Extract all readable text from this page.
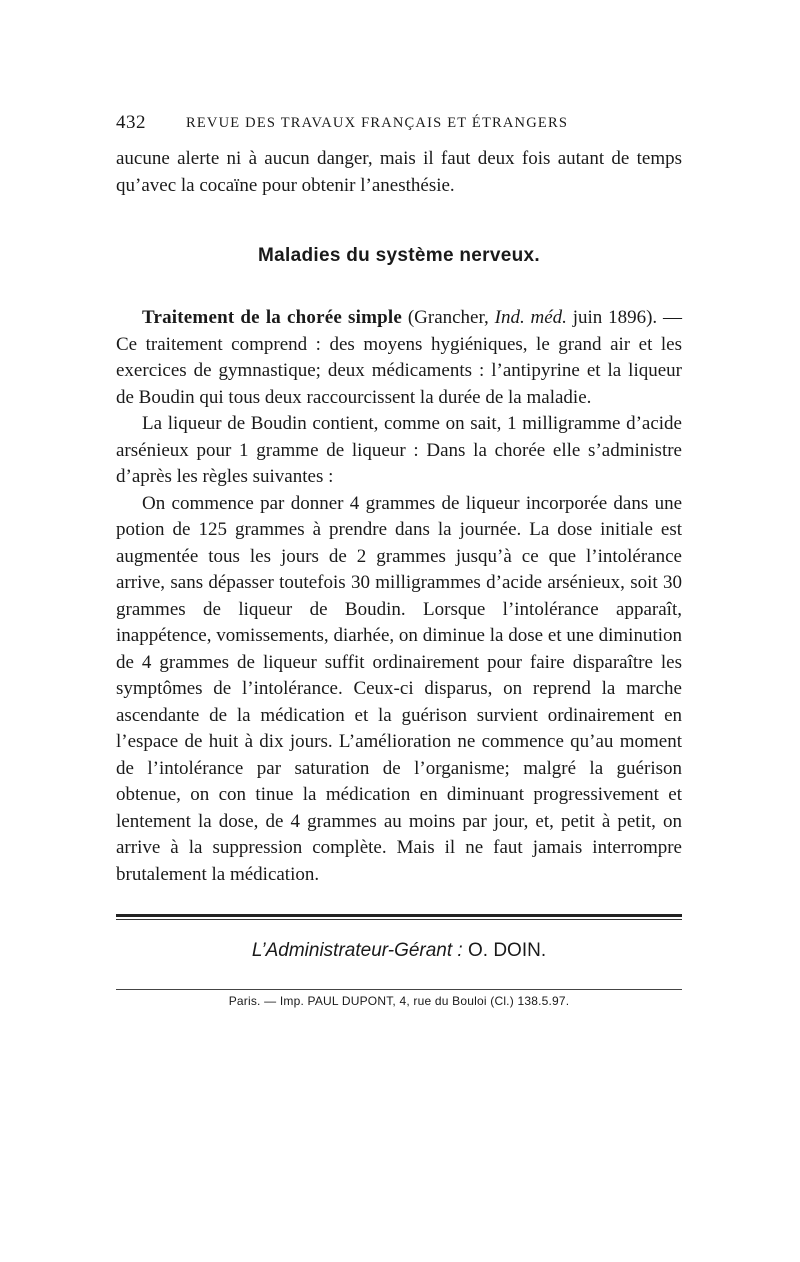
432	REVUE DES TRAVAUX FRANÇAIS ET ÉTRANGERS

aucune alerte ni à aucun danger, mais il faut deux fois autant de temps qu’avec la cocaïne pour obtenir l’anesthésie.

Maladies du système nerveux.

Traitement de la chorée simple (Grancher, Ind. méd. juin 1896). — Ce traitement comprend : des moyens hygiéniques, le grand air et les exercices de gymnastique; deux médicaments : l’antipyrine et la liqueur de Boudin qui tous deux raccourcissent la durée de la maladie.

La liqueur de Boudin contient, comme on sait, 1 milligramme d’acide arsénieux pour 1 gramme de liqueur : Dans la chorée elle s’administre d’après les règles suivantes :

On commence par donner 4 grammes de liqueur incorporée dans une potion de 125 grammes à prendre dans la journée. La dose initiale est augmentée tous les jours de 2 grammes jusqu’à ce que l’intolérance arrive, sans dépasser toutefois 30 milligrammes d’acide arsénieux, soit 30 grammes de liqueur de Boudin. Lorsque l’intolérance apparaît, inappétence, vomissements, diarhée, on diminue la dose et une diminution de 4 grammes de liqueur suffit ordinairement pour faire disparaître les symptômes de l’intolérance. Ceux-ci disparus, on reprend la marche ascendante de la médication et la guérison survient ordinairement en l’espace de huit à dix jours. L’amélioration ne commence qu’au moment de l’intolérance par saturation de l’organisme; malgré la guérison obtenue, on con tinue la médication en diminuant progressivement et lentement la dose, de 4 grammes au moins par jour, et, petit à petit, on arrive à la suppression complète. Mais il ne faut jamais interrompre brutalement la médication.

L’Administrateur-Gérant : O. DOIN.
Paris. — Imp. PAUL DUPONT, 4, rue du Bouloi (Cl.) 138.5.97.
